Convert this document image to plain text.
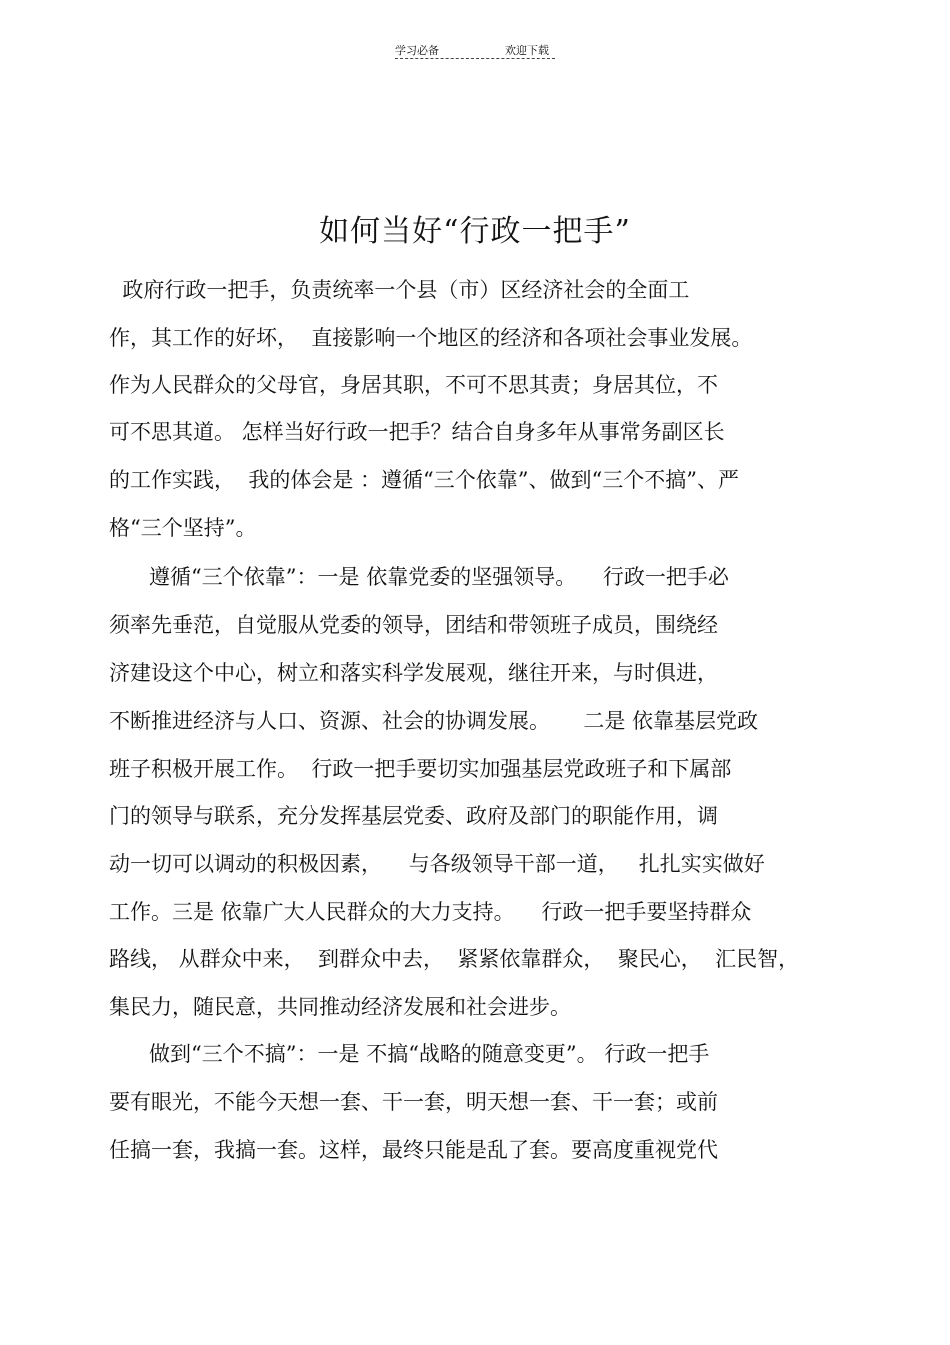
学习必备	欢迎下载
如何当好“行政一把手”
政府行政一把手，负责统率一个县（市）区经济社会的全面工
作，其工作的好坏，  直接影响一个地区的经济和各项社会事业发展。
作为人民群众的父母官，身居其职，不可不思其责；身居其位，不
可不思其道。 怎样当好行政一把手？结合自身多年从事常务副区长
的工作实践，  我的体会是 ：遵循“三个依靠”、做到“三个不搞”、严
格“三个坚持”。
遵循“三个依靠”：一是 依靠党委的坚强领导。    行政一把手必
须率先垂范，自觉服从党委的领导，团结和带领班子成员，围绕经
济建设这个中心，树立和落实科学发展观，继往开来，与时俱进，
不断推进经济与人口、资源、社会的协调发展。     二是 依靠基层党政
班子积极开展工作。  行政一把手要切实加强基层党政班子和下属部
门的领导与联系，充分发挥基层党委、政府及部门的职能作用，调
动一切可以调动的积极因素，    与各级领导干部一道，   扎扎实实做好
工作。三是 依靠广大人民群众的大力支持。    行政一把手要坚持群众
路线， 从群众中来，  到群众中去，  紧紧依靠群众，  聚民心，  汇民智，
集民力，随民意，共同推动经济发展和社会进步。
做到“三个不搞”：一是 不搞“战略的随意变更”。 行政一把手
要有眼光，不能今天想一套、干一套，明天想一套、干一套；或前
任搞一套，我搞一套。这样，最终只能是乱了套。要高度重视党代
